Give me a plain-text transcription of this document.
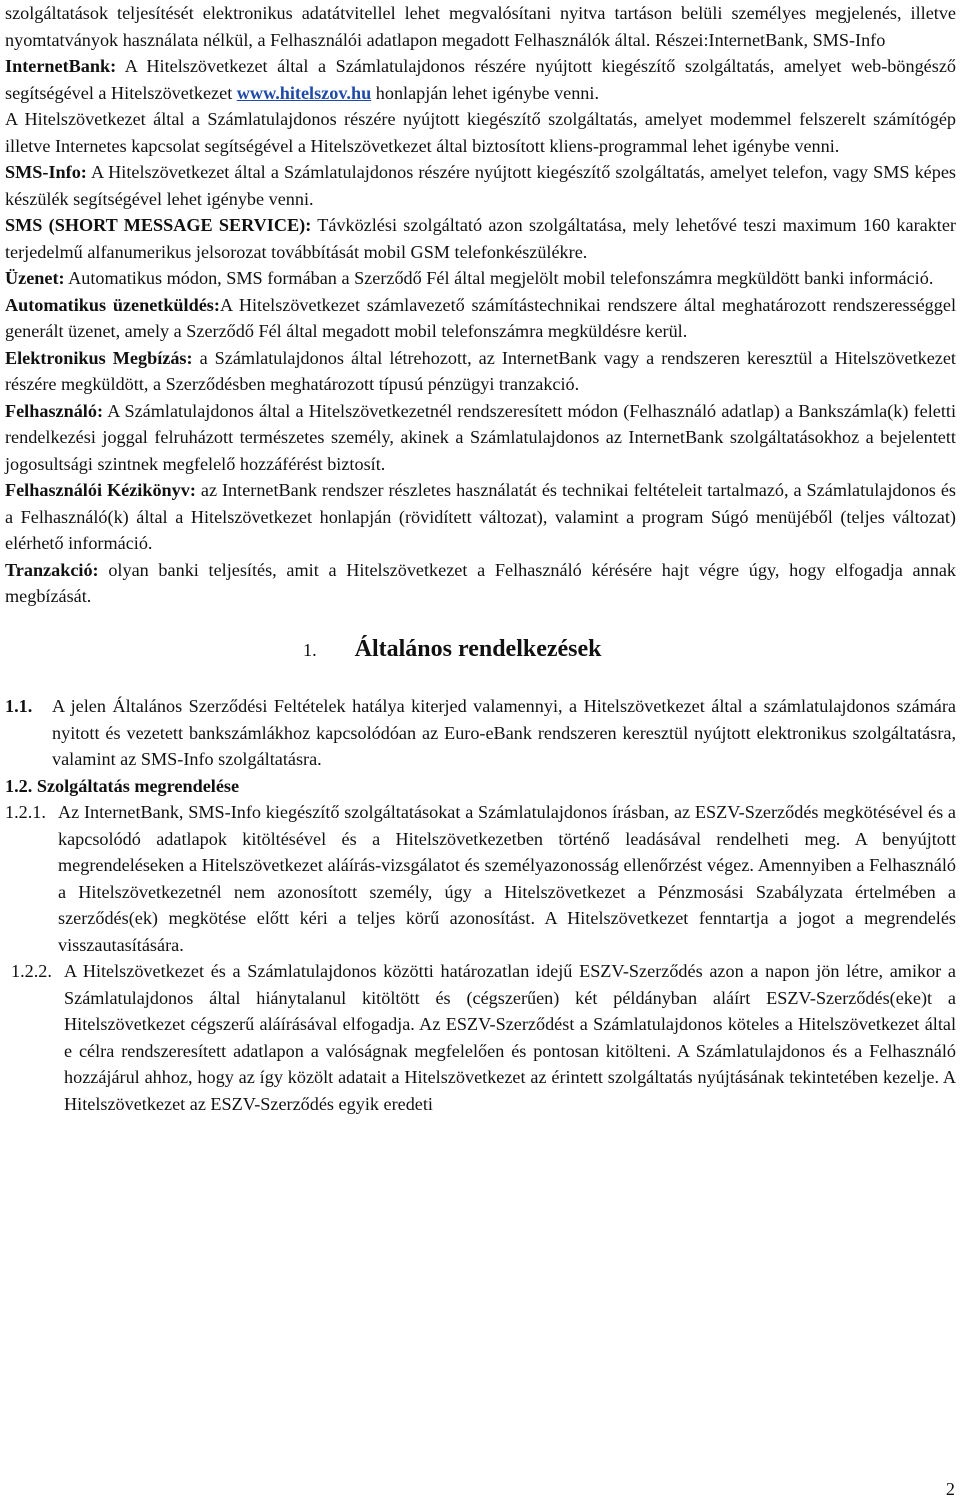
szolgáltatások teljesítését elektronikus adatátvitellel lehet megvalósítani nyitva tartáson belüli személyes megjelenés, illetve nyomtatványok használata nélkül, a Felhasználói adatlapon megadott Felhasználók által. Részei:InternetBank, SMS-Info

InternetBank: A Hitelszövetkezet által a Számlatulajdonos részére nyújtott kiegészítő szolgáltatás, amelyet web-böngésző segítségével a Hitelszövetkezet www.hitelszov.hu honlapján lehet igénybe venni.

A Hitelszövetkezet által a Számlatulajdonos részére nyújtott kiegészítő szolgáltatás, amelyet modemmel felszerelt számítógép illetve Internetes kapcsolat segítségével a Hitelszövetkezet által biztosított kliens-programmal lehet igénybe venni.

SMS-Info: A Hitelszövetkezet által a Számlatulajdonos részére nyújtott kiegészítő szolgáltatás, amelyet telefon, vagy SMS képes készülék segítségével lehet igénybe venni.

SMS (SHORT MESSAGE SERVICE): Távközlési szolgáltató azon szolgáltatása, mely lehetővé teszi maximum 160 karakter terjedelmű alfanumerikus jelsorozat továbbítását mobil GSM telefonkészülékre.

Üzenet: Automatikus módon, SMS formában a Szerződő Fél által megjelölt mobil telefonszámra megküldött banki információ.

Automatikus üzenetküldés:A Hitelszövetkezet számlavezető számítástechnikai rendszere által meghatározott rendszerességgel generált üzenet, amely a Szerződő Fél által megadott mobil telefonszámra megküldésre kerül.

Elektronikus Megbízás: a Számlatulajdonos által létrehozott, az InternetBank vagy a rendszeren keresztül a Hitelszövetkezet részére megküldött, a Szerződésben meghatározott típusú pénzügyi tranzakció.

Felhasználó: A Számlatulajdonos által a Hitelszövetkezetnél rendszeresített módon (Felhasználó adatlap) a Bankszámla(k) feletti rendelkezési joggal felruházott természetes személy, akinek a Számlatulajdonos az InternetBank szolgáltatásokhoz a bejelentett jogosultsági szintnek megfelelő hozzáférést biztosít.

Felhasználói Kézikönyv: az InternetBank rendszer részletes használatát és technikai feltételeit tartalmazó, a Számlatulajdonos és a Felhasználó(k) által a Hitelszövetkezet honlapján (rövidített változat), valamint a program Súgó menüjéből (teljes változat) elérhető információ.

Tranzakció: olyan banki teljesítés, amit a Hitelszövetkezet a Felhasználó kérésére hajt végre úgy, hogy elfogadja annak megbízását.

1. Általános rendelkezések
1.1.	A jelen Általános Szerződési Feltételek hatálya kiterjed valamennyi, a Hitelszövetkezet által a számlatulajdonos számára nyitott és vezetett bankszámlákhoz kapcsolódóan az Euro-eBank rendszeren keresztül nyújtott elektronikus szolgáltatásra, valamint az SMS-Info szolgáltatásra.

1.2. Szolgáltatás megrendelése

1.2.1. Az InternetBank, SMS-Info kiegészítő szolgáltatásokat a Számlatulajdonos írásban, az ESZV-Szerződés megkötésével és a kapcsolódó adatlapok kitöltésével és a Hitelszövetkezetben történő leadásával rendelheti meg. A benyújtott megrendeléseken a Hitelszövetkezet aláírás-vizsgálatot és személyazonosság ellenőrzést végez. Amennyiben a Felhasználó a Hitelszövetkezetnél nem azonosított személy, úgy a Hitelszövetkezet a Pénzmosási Szabályzata értelmében a szerződés(ek) megkötése előtt kéri a teljes körű azonosítást. A Hitelszövetkezet fenntartja a jogot a megrendelés visszautasítására.
1.2.2. A Hitelszövetkezet és a Számlatulajdonos közötti határozatlan idejű ESZV-Szerződés azon a napon jön létre, amikor a Számlatulajdonos által hiánytalanul kitöltött és (cégszerűen) két példányban aláírt ESZV-Szerződés(eke)t a Hitelszövetkezet cégszerű aláírásával elfogadja. Az ESZV-Szerződést a Számlatulajdonos köteles a Hitelszövetkezet által e célra rendszeresített adatlapon a valóságnak megfelelően és pontosan kitölteni. A Számlatulajdonos és a Felhasználó hozzájárul ahhoz, hogy az így közölt adatait a Hitelszövetkezet az érintett szolgáltatás nyújtásának tekintetében kezelje. A Hitelszövetkezet az ESZV-Szerződés egyik eredeti
2
